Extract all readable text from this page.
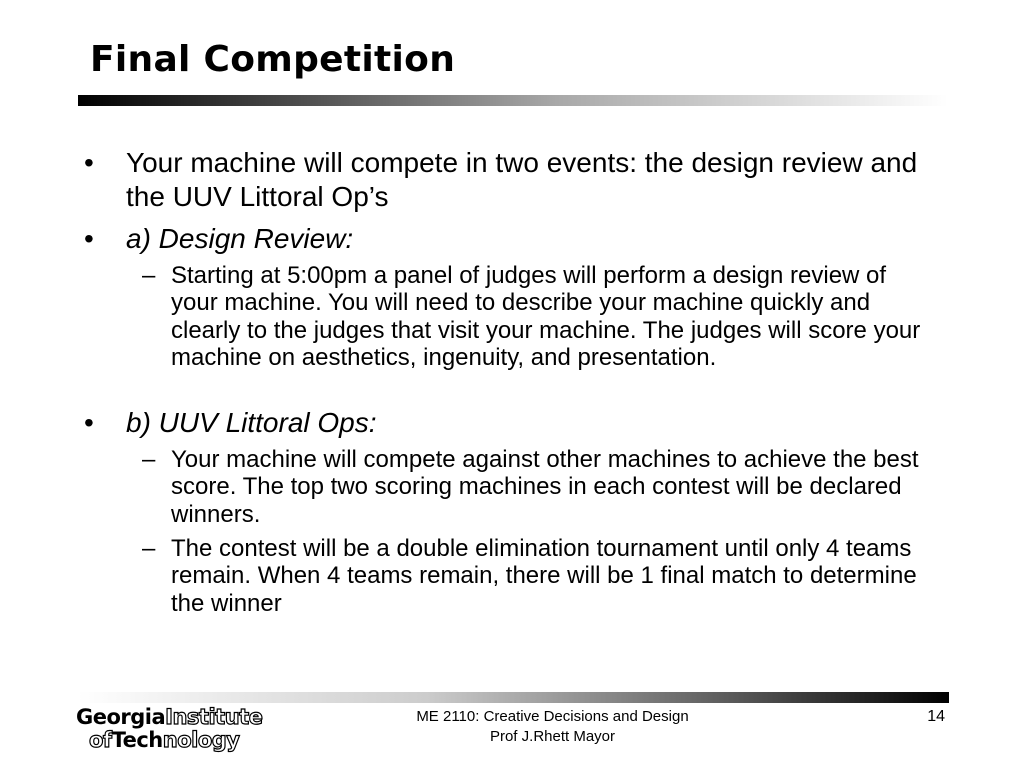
Final Competition
• Your machine will compete in two events: the design review and the UUV Littoral Op’s
• a) Design Review:
– Starting at 5:00pm a panel of judges will perform a design review of your machine. You will need to describe your machine quickly and clearly to the judges that visit your machine. The judges will score your machine on aesthetics, ingenuity, and presentation.
• b) UUV Littoral Ops:
– Your machine will compete against other machines to achieve the best score. The top two scoring machines in each contest will be declared winners.
– The contest will be a double elimination tournament until only 4 teams remain. When 4 teams remain, there will be 1 final match to determine the winner
GeorgiaInstitute
ofTechnology
ME 2110: Creative Decisions and Design
Prof J.Rhett Mayor
14
